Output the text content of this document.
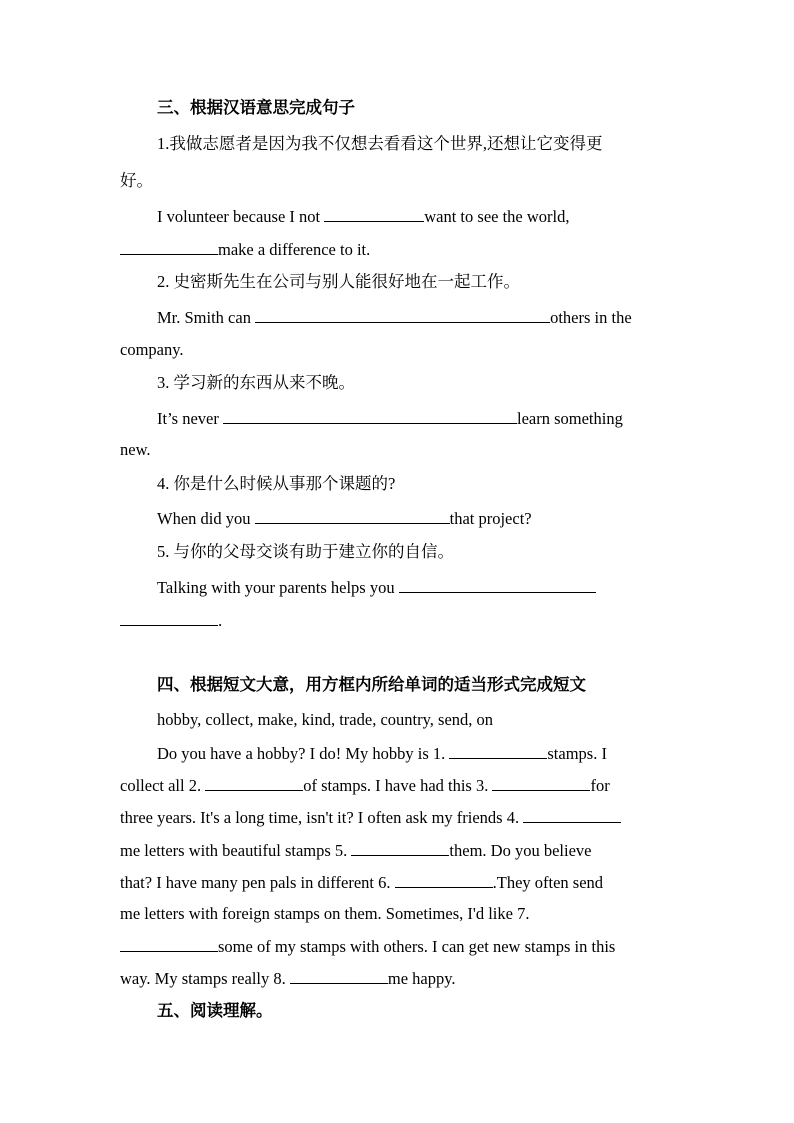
三、根据汉语意思完成句子
1.我做志愿者是因为我不仅想去看看这个世界,还想让它变得更
好。
I volunteer because I not	want to see the world,
make a difference to it.
2. 史密斯先生在公司与别人能很好地在一起工作。
Mr. Smith can	others in the
company.
3. 学习新的东西从来不晚。
It’s never	learn something
new.
4. 你是什么时候从事那个课题的?
When did you	that project?
5. 与你的父母交谈有助于建立你的自信。
Talking with your parents helps you
.
四、根据短文大意，用方框内所给单词的适当形式完成短文
hobby, collect, make, kind, trade, country, send, on
Do you have a hobby? I do! My hobby is 1.	stamps. I
collect all 2.	of stamps. I have had this 3.	for
three years. It's a long time, isn't it? I often ask my friends 4.
me letters with beautiful stamps 5.	them. Do you believe
that? I have many pen pals in different 6.	.They often send
me letters with foreign stamps on them. Sometimes, I'd like 7.
some of my stamps with others. I can get new stamps in this
way. My stamps really 8.	me happy.
五、阅读理解。
